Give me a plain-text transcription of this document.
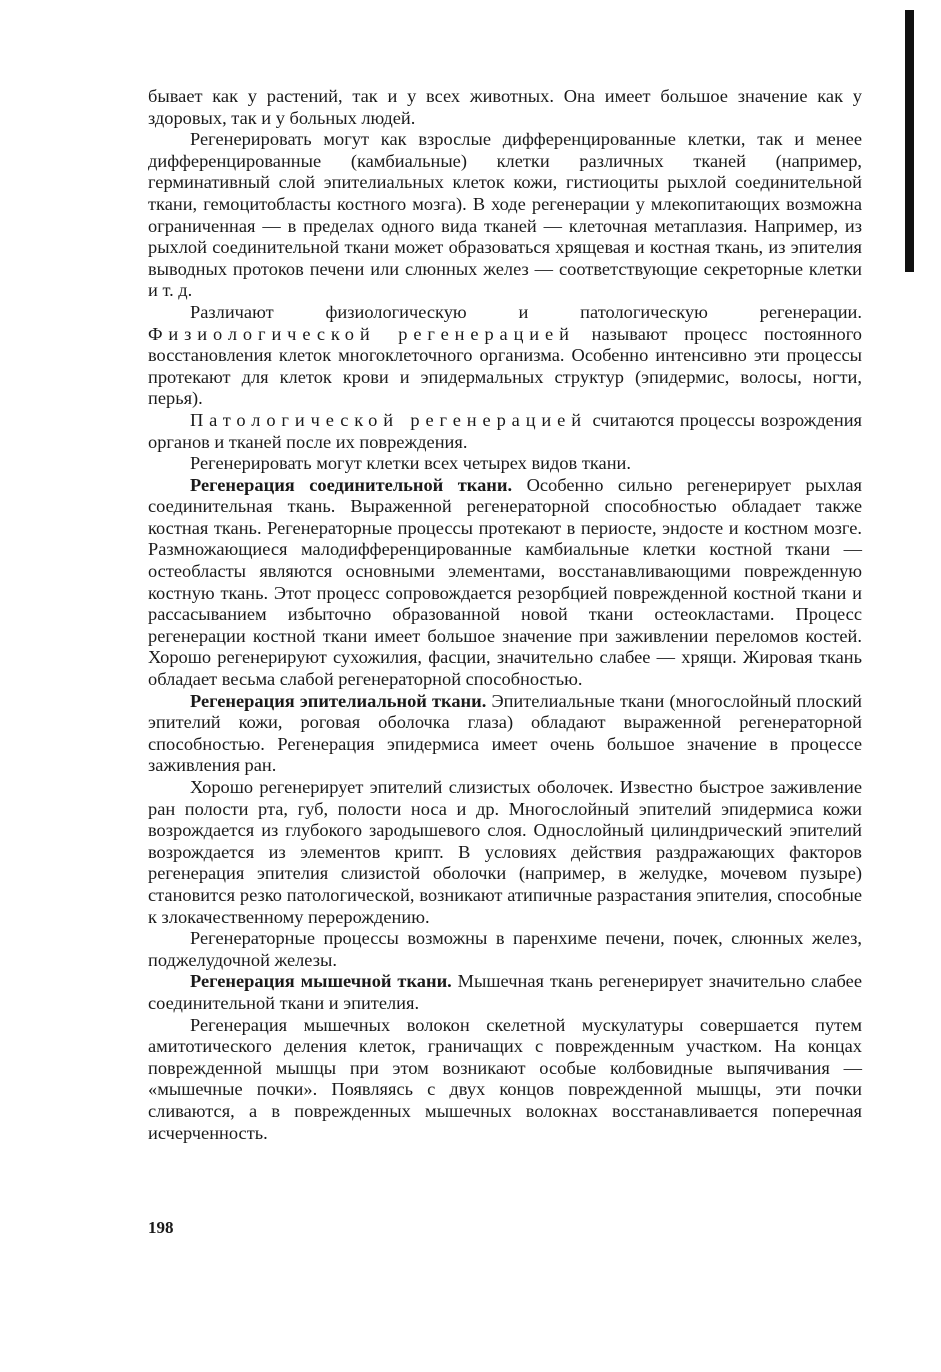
бывает как у растений, так и у всех животных. Она имеет большое значение как у здоровых, так и у больных людей.

Регенерировать могут как взрослые дифференцированные клетки, так и менее дифференцированные (камбиальные) клетки различных тканей (например, герминативный слой эпителиальных клеток кожи, гистиоциты рыхлой соединительной ткани, гемоцитобласты костного мозга). В ходе регенерации у млекопитающих возможна ограниченная — в пределах одного вида тканей — клеточная метаплазия. Например, из рыхлой соединительной ткани может образоваться хрящевая и костная ткань, из эпителия выводных протоков печени или слюнных желез — соответствующие секреторные клетки и т. д.

Различают физиологическую и патологическую регенерации. Физиологической регенерацией называют процесс постоянного восстановления клеток многоклеточного организма. Особенно интенсивно эти процессы протекают для клеток крови и эпидермальных структур (эпидермис, волосы, ногти, перья).

Патологической регенерацией считаются процессы возрождения органов и тканей после их повреждения.

Регенерировать могут клетки всех четырех видов ткани.

Регенерация соединительной ткани. Особенно сильно регенерирует рыхлая соединительная ткань. Выраженной регенераторной способностью обладает также костная ткань. Регенераторные процессы протекают в периосте, эндосте и костном мозге. Размножающиеся малодифференцированные камбиальные клетки костной ткани — остеобласты являются основными элементами, восстанавливающими поврежденную костную ткань. Этот процесс сопровождается резорбцией поврежденной костной ткани и рассасыванием избыточно образованной новой ткани остеокластами. Процесс регенерации костной ткани имеет большое значение при заживлении переломов костей. Хорошо регенерируют сухожилия, фасции, значительно слабее — хрящи. Жировая ткань обладает весьма слабой регенераторной способностью.

Регенерация эпителиальной ткани. Эпителиальные ткани (многослойный плоский эпителий кожи, роговая оболочка глаза) обладают выраженной регенераторной способностью. Регенерация эпидермиса имеет очень большое значение в процессе заживления ран.

Хорошо регенерирует эпителий слизистых оболочек. Известно быстрое заживление ран полости рта, губ, полости носа и др. Многослойный эпителий эпидермиса кожи возрождается из глубокого зародышевого слоя. Однослойный цилиндрический эпителий возрождается из элементов крипт. В условиях действия раздражающих факторов регенерация эпителия слизистой оболочки (например, в желудке, мочевом пузыре) становится резко патологической, возникают атипичные разрастания эпителия, способные к злокачественному перерождению.

Регенераторные процессы возможны в паренхиме печени, почек, слюнных желез, поджелудочной железы.

Регенерация мышечной ткани. Мышечная ткань регенерирует значительно слабее соединительной ткани и эпителия.

Регенерация мышечных волокон скелетной мускулатуры совершается путем амитотического деления клеток, граничащих с поврежденным участком. На концах поврежденной мышцы при этом возникают особые колбовидные выпячивания — «мышечные почки». Появляясь с двух концов поврежденной мышцы, эти почки сливаются, а в поврежденных мышечных волокнах восстанавливается поперечная исчерченность.

198
